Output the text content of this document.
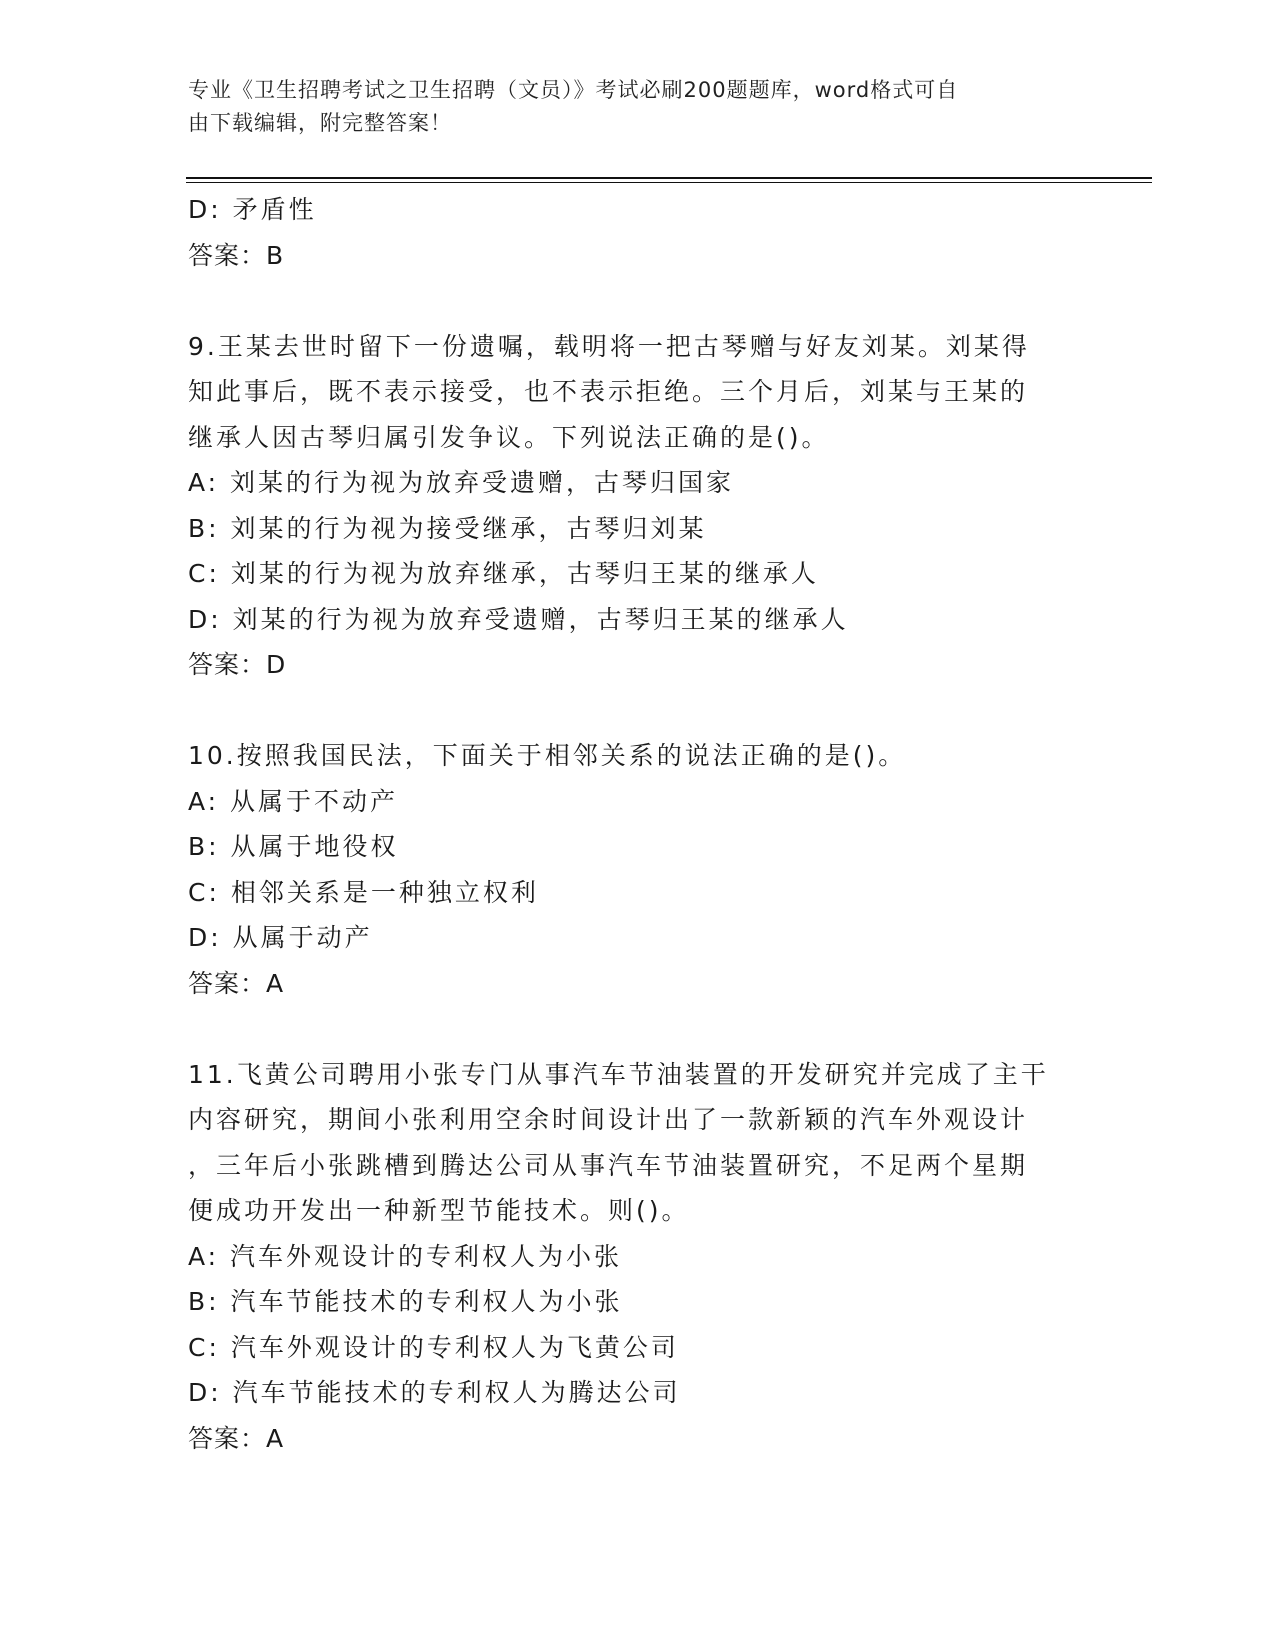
专业《卫生招聘考试之卫生招聘（文员）》考试必刷200题题库，word格式可自
由下载编辑，附完整答案！
D: 矛盾性
答案：B
9.王某去世时留下一份遗嘱，载明将一把古琴赠与好友刘某。刘某得
知此事后，既不表示接受，也不表示拒绝。三个月后，刘某与王某的
继承人因古琴归属引发争议。下列说法正确的是()。
A: 刘某的行为视为放弃受遗赠，古琴归国家
B: 刘某的行为视为接受继承，古琴归刘某
C: 刘某的行为视为放弃继承，古琴归王某的继承人
D: 刘某的行为视为放弃受遗赠，古琴归王某的继承人
答案：D
10.按照我国民法，下面关于相邻关系的说法正确的是()。
A: 从属于不动产
B: 从属于地役权
C: 相邻关系是一种独立权利
D: 从属于动产
答案：A
11.飞黄公司聘用小张专门从事汽车节油装置的开发研究并完成了主干
内容研究，期间小张利用空余时间设计出了一款新颖的汽车外观设计
，三年后小张跳槽到腾达公司从事汽车节油装置研究，不足两个星期
便成功开发出一种新型节能技术。则()。
A: 汽车外观设计的专利权人为小张
B: 汽车节能技术的专利权人为小张
C: 汽车外观设计的专利权人为飞黄公司
D: 汽车节能技术的专利权人为腾达公司
答案：A
